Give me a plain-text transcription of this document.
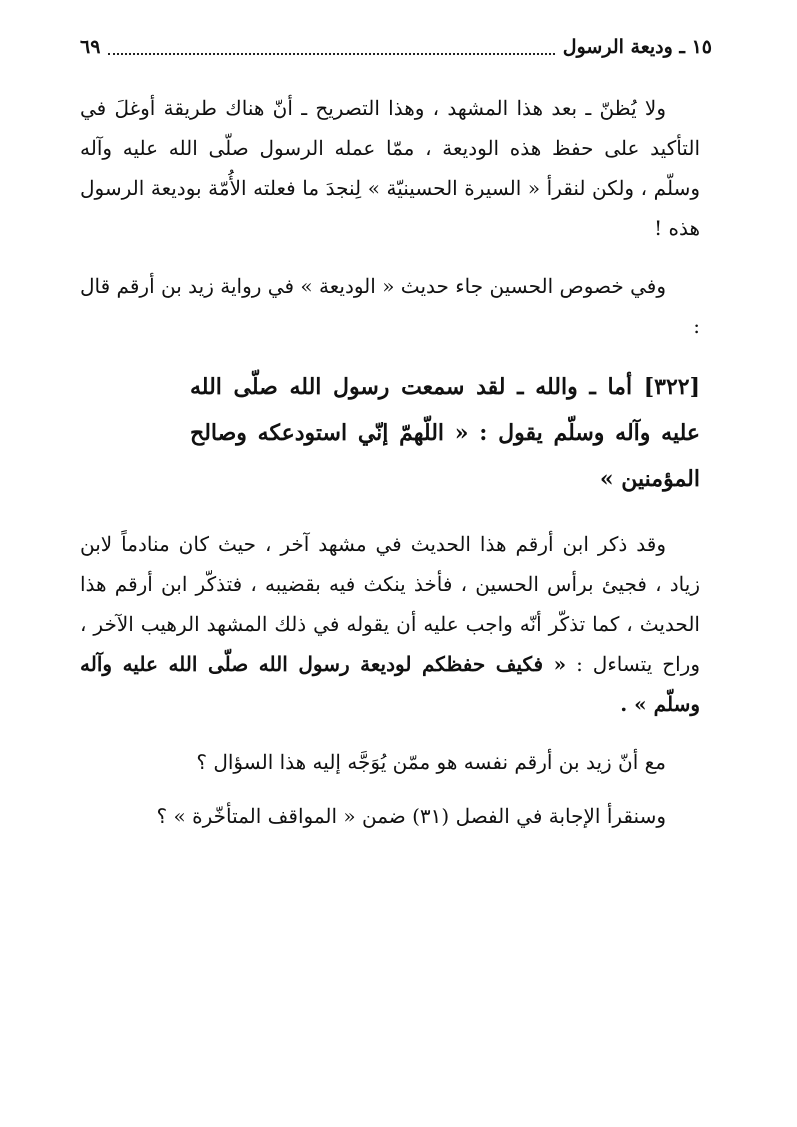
١٥ ـ وديعة الرسول
٦٩

ولا يُظنّ ـ بعد هذا المشهد ، وهذا التصريح ـ أنّ هناك طريقة أوغلَ في التأكيد على حفظ هذه الوديعة ، ممّا عمله الرسول صلّى الله عليه وآله وسلّم ، ولكن لنقرأ « السيرة الحسينيّة » لِنجدَ ما فعلته الأُمّة بوديعة الرسول هذه !

وفي خصوص الحسين جاء حديث « الوديعة » في رواية زيد بن أرقم قال :

[٣٢٢] أما ـ والله ـ لقد سمعت رسول الله صلّى الله عليه وآله وسلّم يقول : « اللّهمّ إنّي استودعكه وصالح المؤمنين »

وقد ذكر ابن أرقم هذا الحديث في مشهد آخر ، حيث كان منادماً لابن زياد ، فجيئ برأس الحسين ، فأخذ ينكث فيه بقضيبه ، فتذكّر ابن أرقم هذا الحديث ، كما تذكّر أنّه واجب عليه أن يقوله في ذلك المشهد الرهيب الآخر ، وراح يتساءل : « فكيف حفظكم لوديعة رسول الله صلّى الله عليه وآله وسلّم » .

مع أنّ زيد بن أرقم نفسه هو ممّن يُوَجَّه إليه هذا السؤال ؟

وسنقرأ الإجابة في الفصل (٣١) ضمن « المواقف المتأخّرة » ؟
